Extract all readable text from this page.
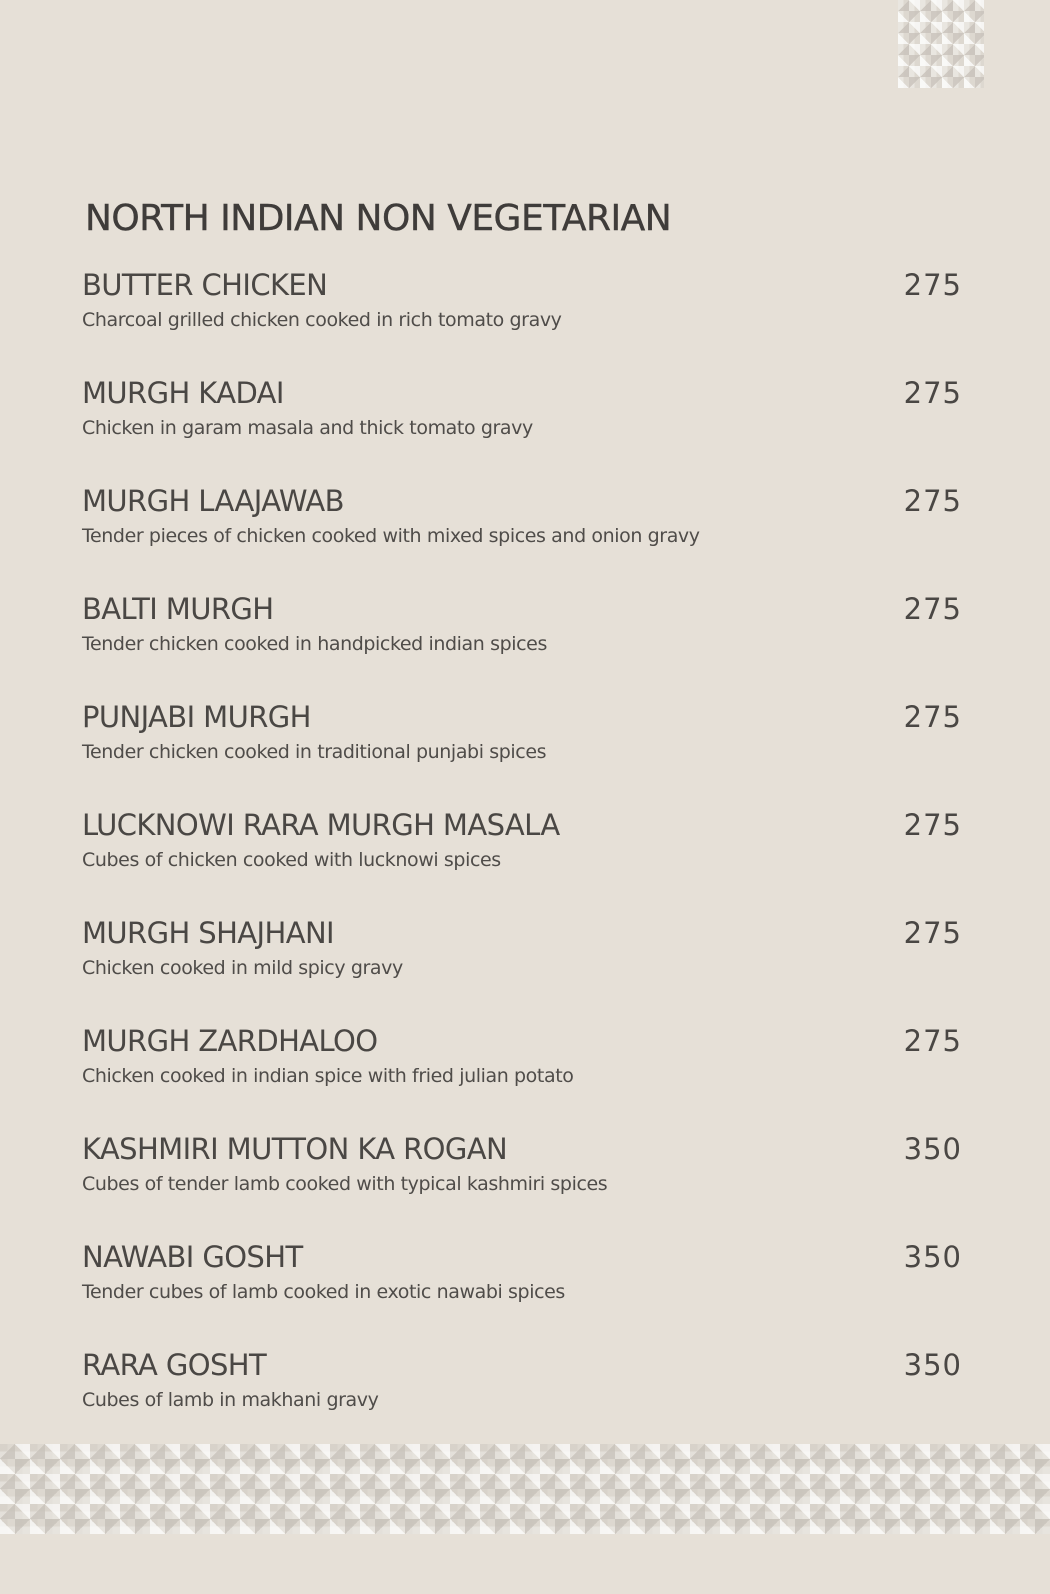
NORTH INDIAN NON VEGETARIAN
BUTTER CHICKEN	275
Charcoal grilled chicken cooked in rich tomato gravy
MURGH KADAI	275
Chicken in garam masala and thick tomato gravy
MURGH LAAJAWAB	275
Tender pieces of chicken cooked with mixed spices and onion gravy
BALTI MURGH	275
Tender chicken cooked in handpicked indian spices
PUNJABI MURGH	275
Tender chicken cooked in traditional punjabi spices
LUCKNOWI RARA MURGH MASALA	275
Cubes of chicken cooked with lucknowi spices
MURGH SHAJHANI	275
Chicken cooked in mild spicy gravy
MURGH ZARDHALOO	275
Chicken cooked in indian spice with fried julian potato
KASHMIRI MUTTON KA ROGAN	350
Cubes of tender lamb cooked with typical kashmiri spices
NAWABI GOSHT	350
Tender cubes of lamb cooked in exotic nawabi spices
RARA GOSHT	350
Cubes of lamb in makhani gravy
